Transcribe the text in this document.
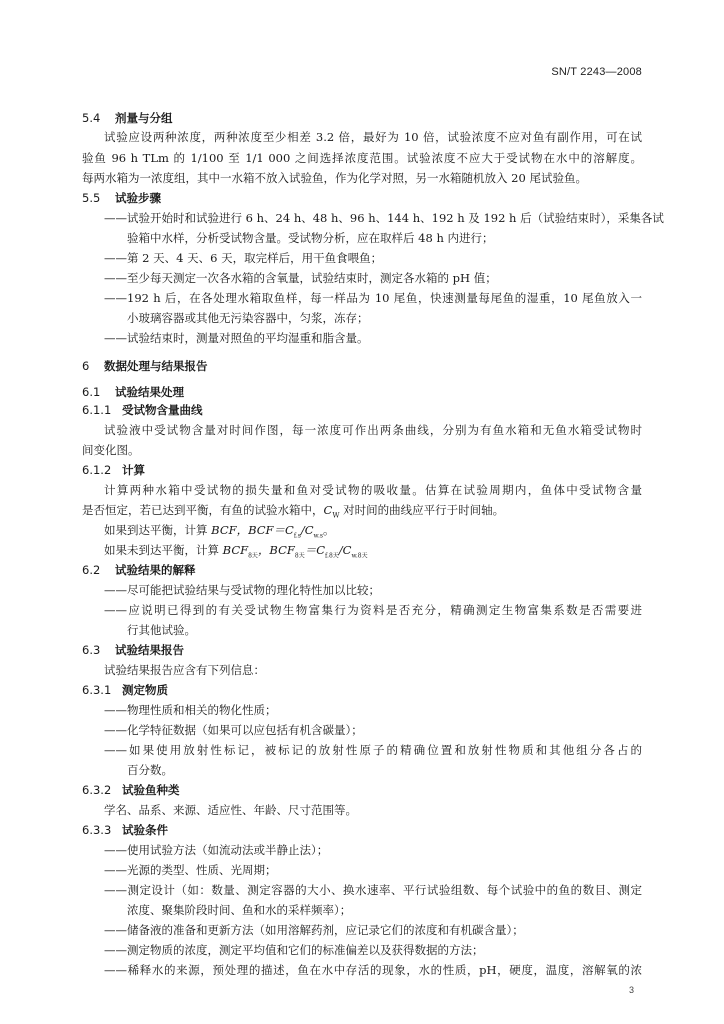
SN/T 2243—2008
5.4 剂量与分组
试验应设两种浓度，两种浓度至少相差 3.2 倍，最好为 10 倍，试验浓度不应对鱼有副作用，可在试
验鱼 96 h TLm 的 1/100 至 1/1 000 之间选择浓度范围。试验浓度不应大于受试物在水中的溶解度。
每两水箱为一浓度组，其中一水箱不放入试验鱼，作为化学对照，另一水箱随机放入 20 尾试验鱼。
5.5 试验步骤
——试验开始时和试验进行 6 h、24 h、48 h、96 h、144 h、192 h 及 192 h 后（试验结束时），采集各试
验箱中水样，分析受试物含量。受试物分析，应在取样后 48 h 内进行；
——第 2 天、4 天、6 天，取完样后，用干鱼食喂鱼；
——至少每天测定一次各水箱的含氧量，试验结束时，测定各水箱的 pH 值；
——192 h 后，在各处理水箱取鱼样，每一样品为 10 尾鱼，快速测量每尾鱼的湿重，10 尾鱼放入一
小玻璃容器或其他无污染容器中，匀浆，冻存；
——试验结束时，测量对照鱼的平均湿重和脂含量。
6 数据处理与结果报告
6.1 试验结果处理
6.1.1 受试物含量曲线
试验液中受试物含量对时间作图，每一浓度可作出两条曲线，分别为有鱼水箱和无鱼水箱受试物时
间变化图。
6.1.2 计算
计算两种水箱中受试物的损失量和鱼对受试物的吸收量。估算在试验周期内，鱼体中受试物含量
是否恒定，若已达到平衡，有鱼的试验水箱中，$C_W$ 对时间的曲线应平行于时间轴。
如果到达平衡，计算 BCF，$BCF=C_{f.s}/C_{w.s}$。
如果未到达平衡，计算 $BCF_{8天}$，$BCF_{8天}=C_{f.8天}/C_{w.8天}$
6.2 试验结果的解释
——尽可能把试验结果与受试物的理化特性加以比较；
——应说明已得到的有关受试物生物富集行为资料是否充分，精确测定生物富集系数是否需要进
行其他试验。
6.3 试验结果报告
试验结果报告应含有下列信息：
6.3.1 测定物质
——物理性质和相关的物化性质；
——化学特征数据（如果可以应包括有机含碳量）；
——如果使用放射性标记，被标记的放射性原子的精确位置和放射性物质和其他组分各占的
百分数。
6.3.2 试验鱼种类
学名、品系、来源、适应性、年龄、尺寸范围等。
6.3.3 试验条件
——使用试验方法（如流动法或半静止法）；
——光源的类型、性质、光周期；
——测定设计（如：数量、测定容器的大小、换水速率、平行试验组数、每个试验中的鱼的数目、测定
浓度、聚集阶段时间、鱼和水的采样频率）；
——储备液的准备和更新方法（如用溶解药剂，应记录它们的浓度和有机碳含量）；
——测定物质的浓度，测定平均值和它们的标准偏差以及获得数据的方法；
——稀释水的来源，预处理的描述，鱼在水中存活的现象，水的性质，pH，硬度，温度，溶解氧的浓
3
